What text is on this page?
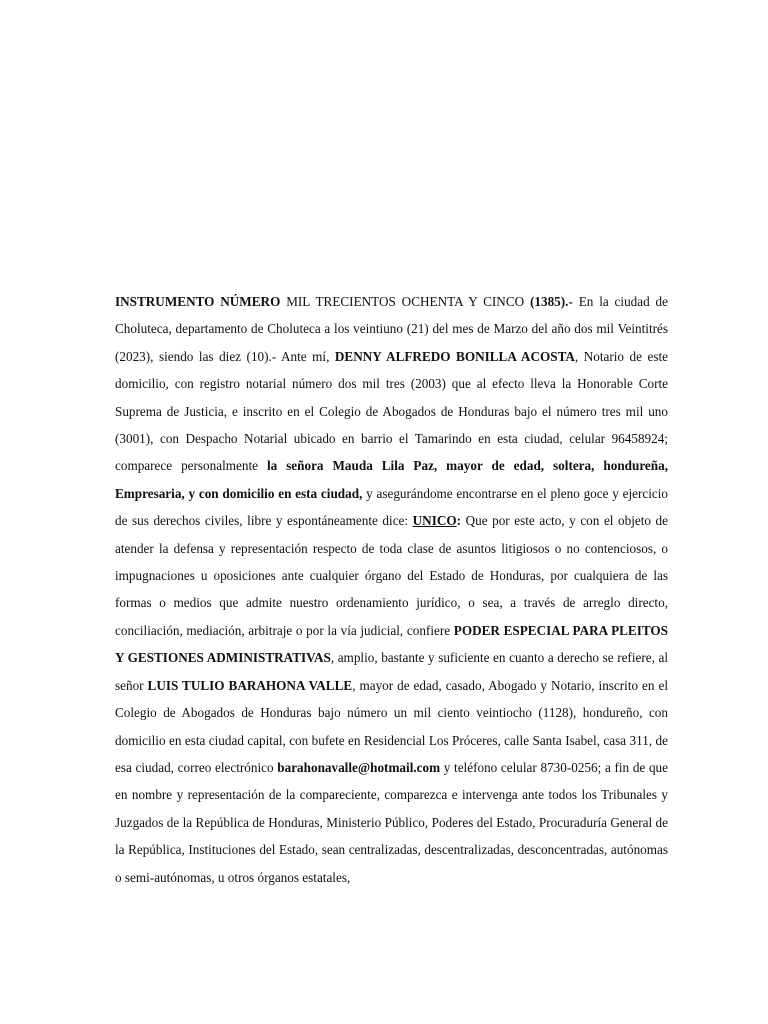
INSTRUMENTO NÚMERO MIL TRECIENTOS OCHENTA Y CINCO (1385).- En la ciudad de Choluteca, departamento de Choluteca a los veintiuno (21) del mes de Marzo del año dos mil Veintitrés (2023), siendo las diez (10).- Ante mí, DENNY ALFREDO BONILLA ACOSTA, Notario de este domicilio, con registro notarial número dos mil tres (2003) que al efecto lleva la Honorable Corte Suprema de Justicia, e inscrito en el Colegio de Abogados de Honduras bajo el número tres mil uno (3001), con Despacho Notarial ubicado en barrio el Tamarindo en esta ciudad, celular 96458924; comparece personalmente la señora Mauda Lila Paz, mayor de edad, soltera, hondureña, Empresaria, y con domicilio en esta ciudad, y asegurándome encontrarse en el pleno goce y ejercicio de sus derechos civiles, libre y espontáneamente dice: UNICO: Que por este acto, y con el objeto de atender la defensa y representación respecto de toda clase de asuntos litigiosos o no contenciosos, o impugnaciones u oposiciones ante cualquier órgano del Estado de Honduras, por cualquiera de las formas o medios que admite nuestro ordenamiento jurídico, o sea, a través de arreglo directo, conciliación, mediación, arbitraje o por la vía judicial, confiere PODER ESPECIAL PARA PLEITOS Y GESTIONES ADMINISTRATIVAS, amplio, bastante y suficiente en cuanto a derecho se refiere, al señor LUIS TULIO BARAHONA VALLE, mayor de edad, casado, Abogado y Notario, inscrito en el Colegio de Abogados de Honduras bajo número un mil ciento veintiocho (1128), hondureño, con domicilio en esta ciudad capital, con bufete en Residencial Los Próceres, calle Santa Isabel, casa 311, de esa ciudad, correo electrónico barahonavalle@hotmail.com y teléfono celular 8730-0256; a fin de que en nombre y representación de la compareciente, comparezca e intervenga ante todos los Tribunales y Juzgados de la República de Honduras, Ministerio Público, Poderes del Estado, Procuraduría General de la República, Instituciones del Estado, sean centralizadas, descentralizadas, desconcentradas, autónomas o semi-autónomas, u otros órganos estatales,
